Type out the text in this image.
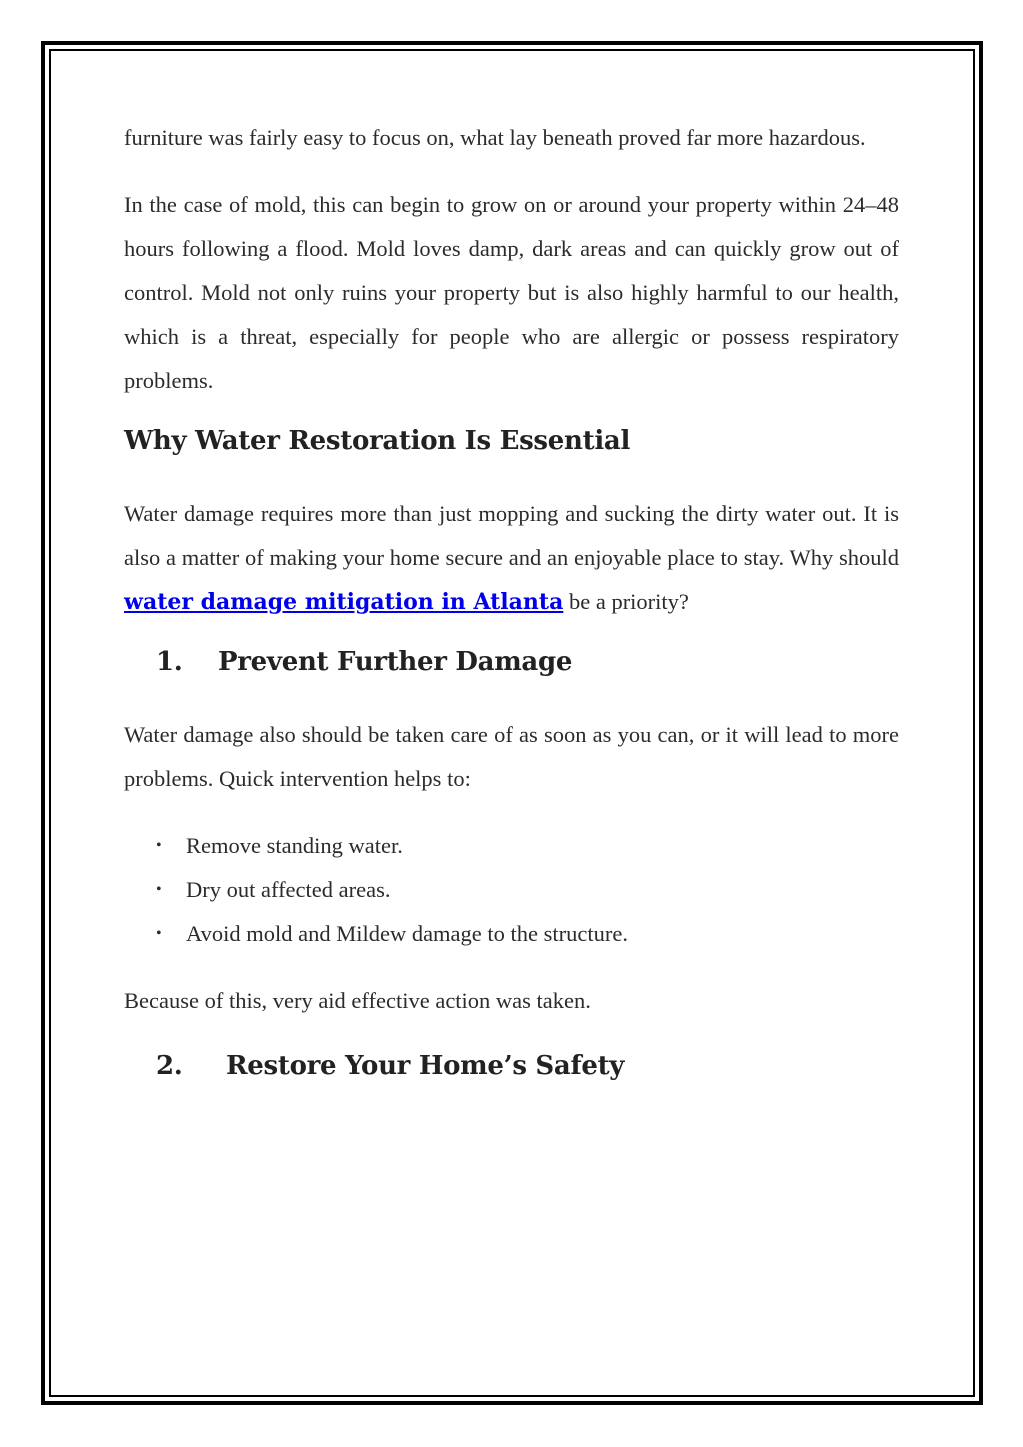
furniture was fairly easy to focus on, what lay beneath proved far more hazardous.

In the case of mold, this can begin to grow on or around your property within 24–48 hours following a flood. Mold loves damp, dark areas and can quickly grow out of control. Mold not only ruins your property but is also highly harmful to our health, which is a threat, especially for people who are allergic or possess respiratory problems.

Why Water Restoration Is Essential

Water damage requires more than just mopping and sucking the dirty water out. It is also a matter of making your home secure and an enjoyable place to stay. Why should water damage mitigation in Atlanta be a priority?

1.	Prevent Further Damage

Water damage also should be taken care of as soon as you can, or it will lead to more problems. Quick intervention helps to:

• Remove standing water.
• Dry out affected areas.
• Avoid mold and Mildew damage to the structure.

Because of this, very aid effective action was taken.

2.	Restore Your Home’s Safety
